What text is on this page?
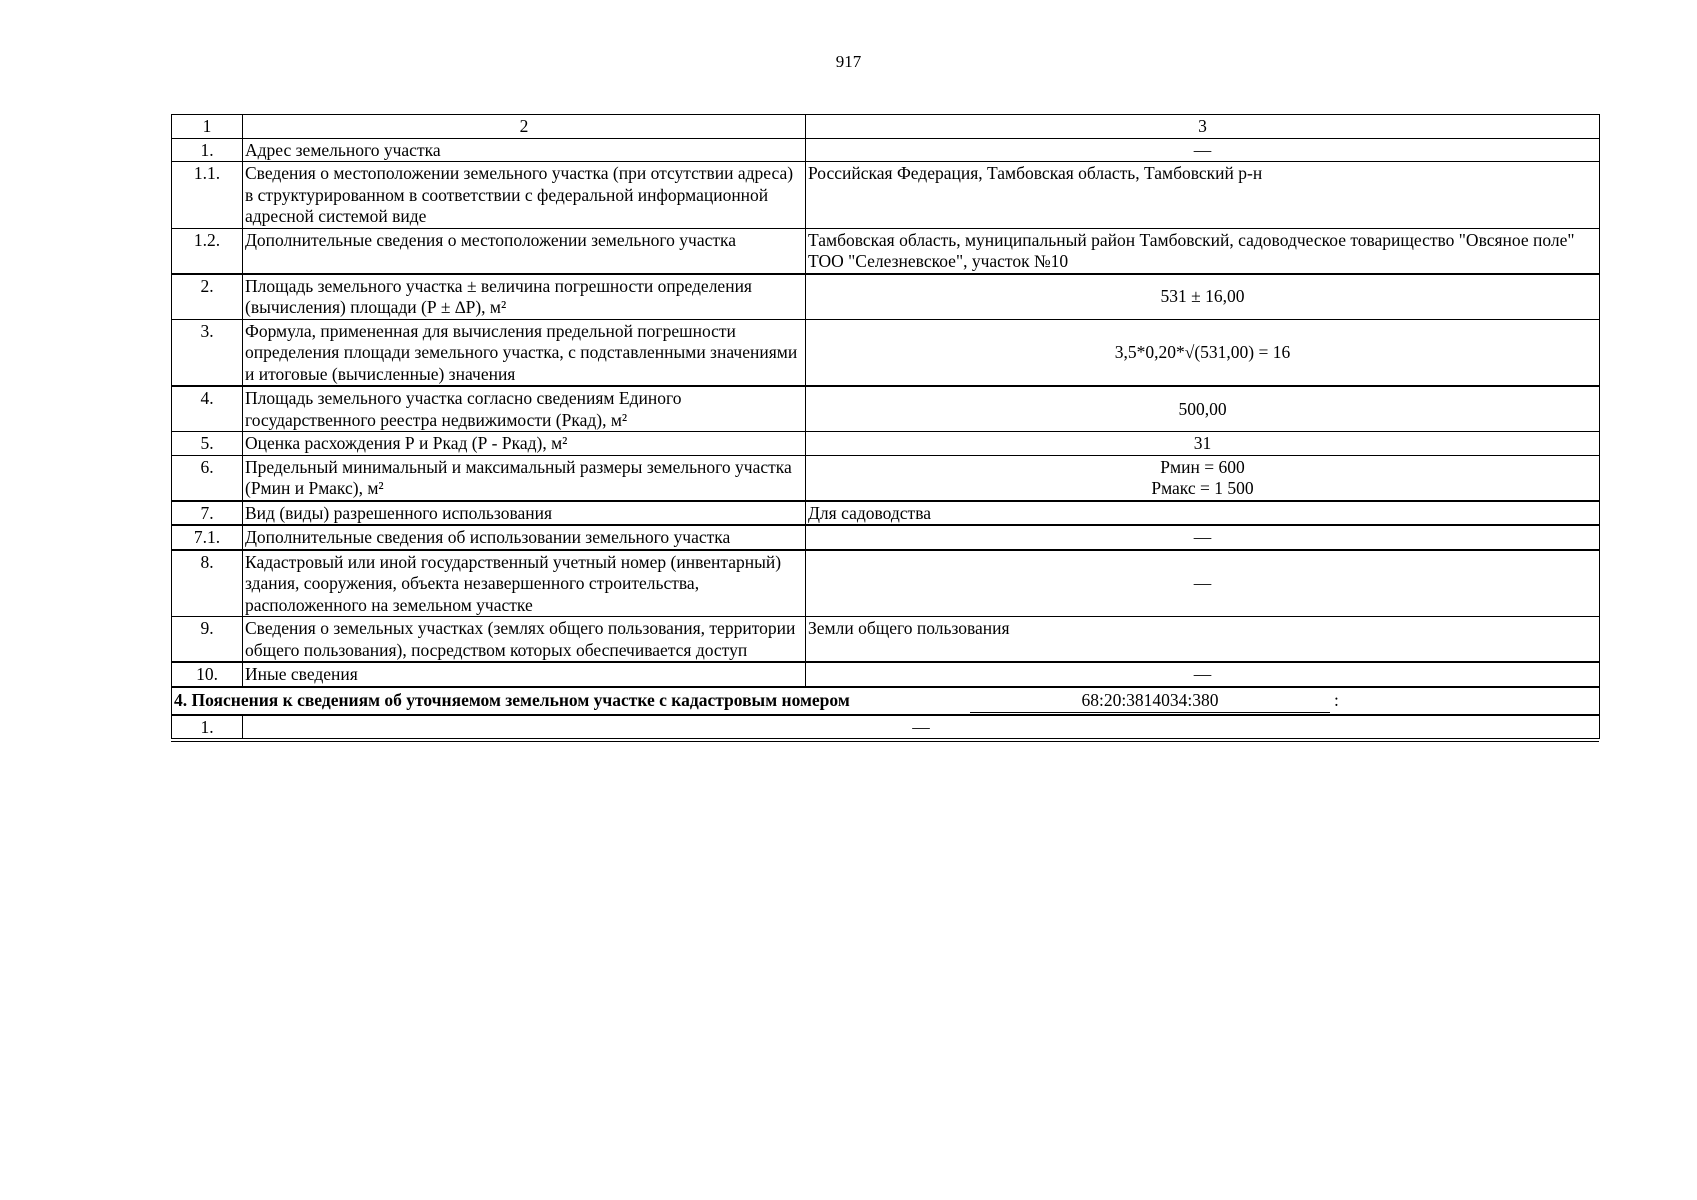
917
1	2	3
1.	Адрес земельного участка	—
1.1.	Сведения о местоположении земельного участка (при отсутствии адреса) в структурированном в соответствии с федеральной информационной адресной системой виде	Российская Федерация, Тамбовская область, Тамбовский р-н
1.2.	Дополнительные сведения о местоположении земельного участка	Тамбовская область, муниципальный район Тамбовский, садоводческое товарищество "Овсяное поле" ТОО "Селезневское", участок №10
2.	Площадь земельного участка ± величина погрешности определения (вычисления) площади (Р ± ∆Р), м²	531 ± 16,00
3.	Формула, примененная для вычисления предельной погрешности определения площади земельного участка, с подставленными значениями и итоговые (вычисленные) значения	3,5*0,20*√(531,00) = 16
4.	Площадь земельного участка согласно сведениям Единого государственного реестра недвижимости (Ркад), м²	500,00
5.	Оценка расхождения Р и Ркад (Р - Ркад), м²	31
6.	Предельный минимальный и максимальный размеры земельного участка (Рмин и Рмакс), м²	Рмин = 600
Рмакс = 1 500

7.	Вид (виды) разрешенного использования	Для садоводства
7.1.	Дополнительные сведения об использовании земельного участка	—
8.	Кадастровый или иной государственный учетный номер (инвентарный) здания, сооружения, объекта незавершенного строительства, расположенного на земельном участке	—
9.	Сведения о земельных участках (землях общего пользования, территории общего пользования), посредством которых обеспечивается доступ	Земли общего пользования
10.	Иные сведения	—

4. Пояснения к сведениям об уточняемом земельном участке с кадастровым номером 68:20:3814034:380 :		

1.	—	
